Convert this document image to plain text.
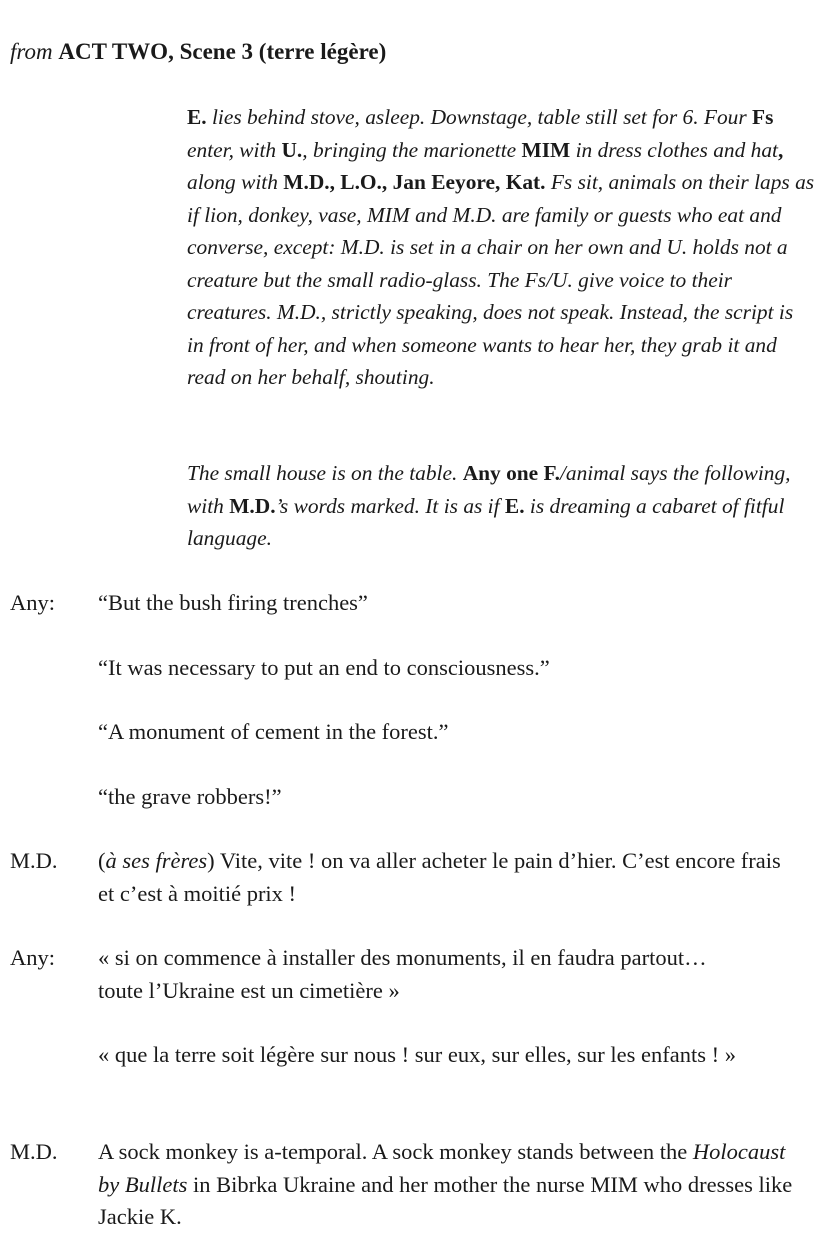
from ACT TWO, Scene 3 (terre légère)
E. lies behind stove, asleep. Downstage, table still set for 6. Four Fs enter, with U., bringing the marionette MIM in dress clothes and hat, along with M.D., L.O., Jan Eeyore, Kat. Fs sit, animals on their laps as if lion, donkey, vase, MIM and M.D. are family or guests who eat and converse, except: M.D. is set in a chair on her own and U. holds not a creature but the small radio-glass. The Fs/U. give voice to their creatures. M.D., strictly speaking, does not speak. Instead, the script is in front of her, and when someone wants to hear her, they grab it and read on her behalf, shouting.
The small house is on the table. Any one F./animal says the following, with M.D.’s words marked. It is as if E. is dreaming a cabaret of fitful language.
Any: “But the bush firing trenches”
“It was necessary to put an end to consciousness.”
“A monument of cement in the forest.”
“the grave robbers!”
M.D. (à ses frères) Vite, vite ! on va aller acheter le pain d’hier. C’est encore frais et c’est à moitié prix !
Any: « si on commence à installer des monuments, il en faudra partout… toute l’Ukraine est un cimetière »
« que la terre soit légère sur nous ! sur eux, sur elles, sur les enfants ! »
M.D. A sock monkey is a-temporal. A sock monkey stands between the Holocaust by Bullets in Bibrka Ukraine and her mother the nurse MIM who dresses like Jackie K.
